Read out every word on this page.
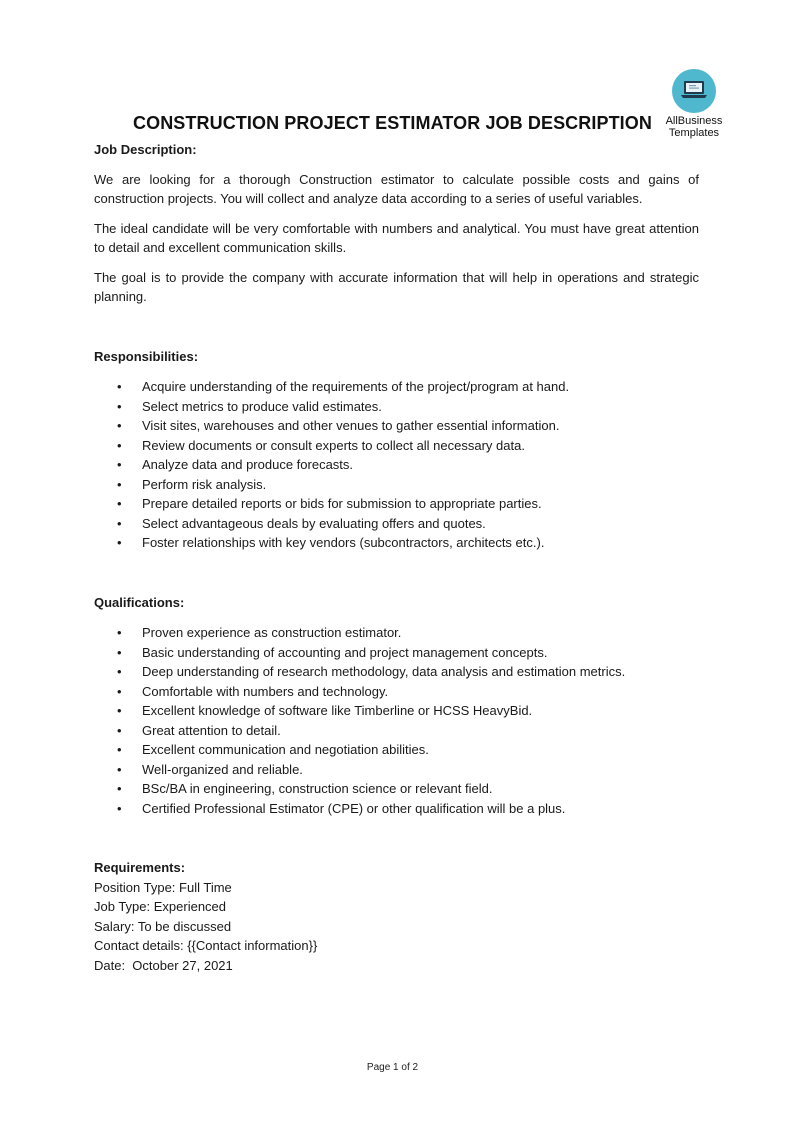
AllBusiness
Templates
CONSTRUCTION PROJECT ESTIMATOR JOB DESCRIPTION

Job Description:

We are looking for a thorough Construction estimator to calculate possible costs and gains of construction projects. You will collect and analyze data according to a series of useful variables.

The ideal candidate will be very comfortable with numbers and analytical. You must have great attention to detail and excellent communication skills.

The goal is to provide the company with accurate information that will help in operations and strategic planning.

Responsibilities:

• Acquire understanding of the requirements of the project/program at hand.
• Select metrics to produce valid estimates.
• Visit sites, warehouses and other venues to gather essential information.
• Review documents or consult experts to collect all necessary data.
• Analyze data and produce forecasts.
• Perform risk analysis.
• Prepare detailed reports or bids for submission to appropriate parties.
• Select advantageous deals by evaluating offers and quotes.
• Foster relationships with key vendors (subcontractors, architects etc.).

Qualifications:

• Proven experience as construction estimator.
• Basic understanding of accounting and project management concepts.
• Deep understanding of research methodology, data analysis and estimation metrics.
• Comfortable with numbers and technology.
• Excellent knowledge of software like Timberline or HCSS HeavyBid.
• Great attention to detail.
• Excellent communication and negotiation abilities.
• Well-organized and reliable.
• BSc/BA in engineering, construction science or relevant field.
• Certified Professional Estimator (CPE) or other qualification will be a plus.

Requirements:

Position Type: Full Time

Job Type: Experienced

Salary: To be discussed

Contact details: {{Contact information}}

Date:  October 27, 2021

Page 1 of 2
